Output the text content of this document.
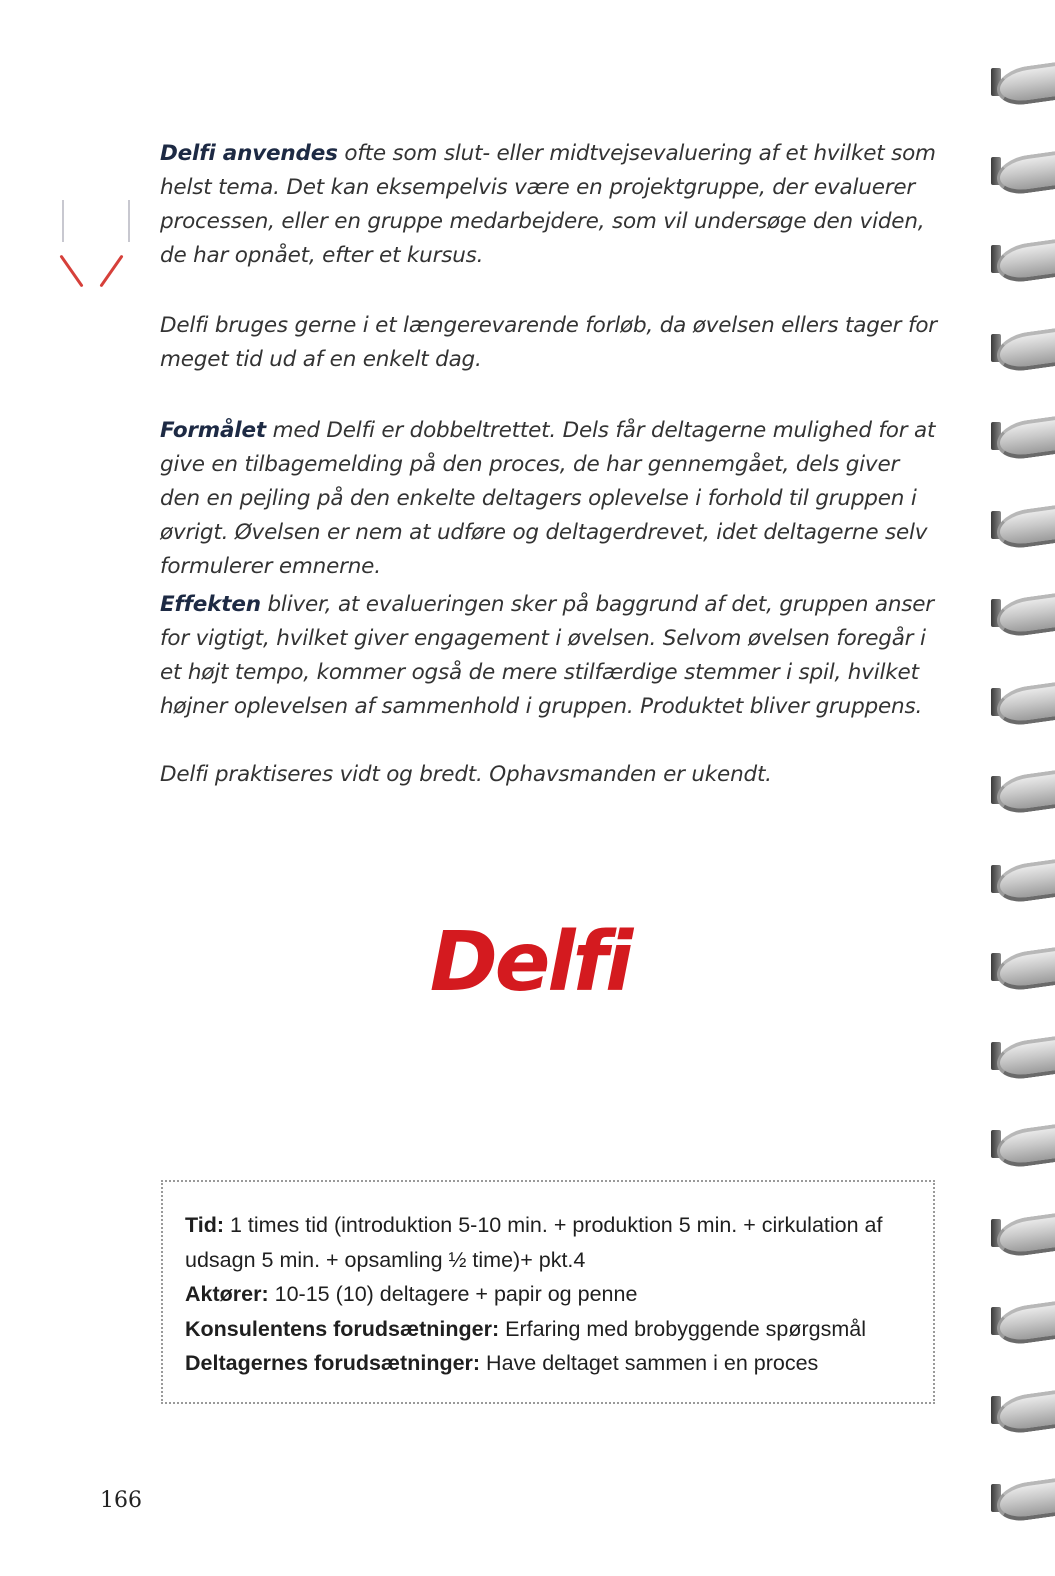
Delfi anvendes ofte som slut- eller midtvejsevaluering af et hvilket som helst tema. Det kan eksempelvis være en projektgruppe, der evaluerer processen, eller en gruppe medarbejdere, som vil undersøge den viden, de har opnået, efter et kursus.

Delfi bruges gerne i et længerevarende forløb, da øvelsen ellers tager for meget tid ud af en enkelt dag.

Formålet med Delfi er dobbeltrettet. Dels får deltagerne mulighed for at give en tilbagemelding på den proces, de har gennemgået, dels giver den en pejling på den enkelte deltagers oplevelse i forhold til gruppen i øvrigt. Øvelsen er nem at udføre og deltagerdrevet, idet deltagerne selv formulerer emnerne.

Effekten bliver, at evalueringen sker på baggrund af det, gruppen anser for vigtigt, hvilket giver engagement i øvelsen. Selvom øvelsen foregår i et højt tempo, kommer også de mere stilfærdige stemmer i spil, hvilket højner oplevelsen af sammenhold i gruppen. Produktet bliver gruppens.

Delfi praktiseres vidt og bredt. Ophavsmanden er ukendt.

Delfi
Tid: 1 times tid (introduktion 5-10 min. + produktion 5 min. + cirkulation af
udsagn 5 min. + opsamling ½ time)+ pkt.4
Aktører: 10-15 (10) deltagere + papir og penne
Konsulentens forudsætninger: Erfaring med brobyggende spørgsmål
Deltagernes forudsætninger: Have deltaget sammen i en proces
166
